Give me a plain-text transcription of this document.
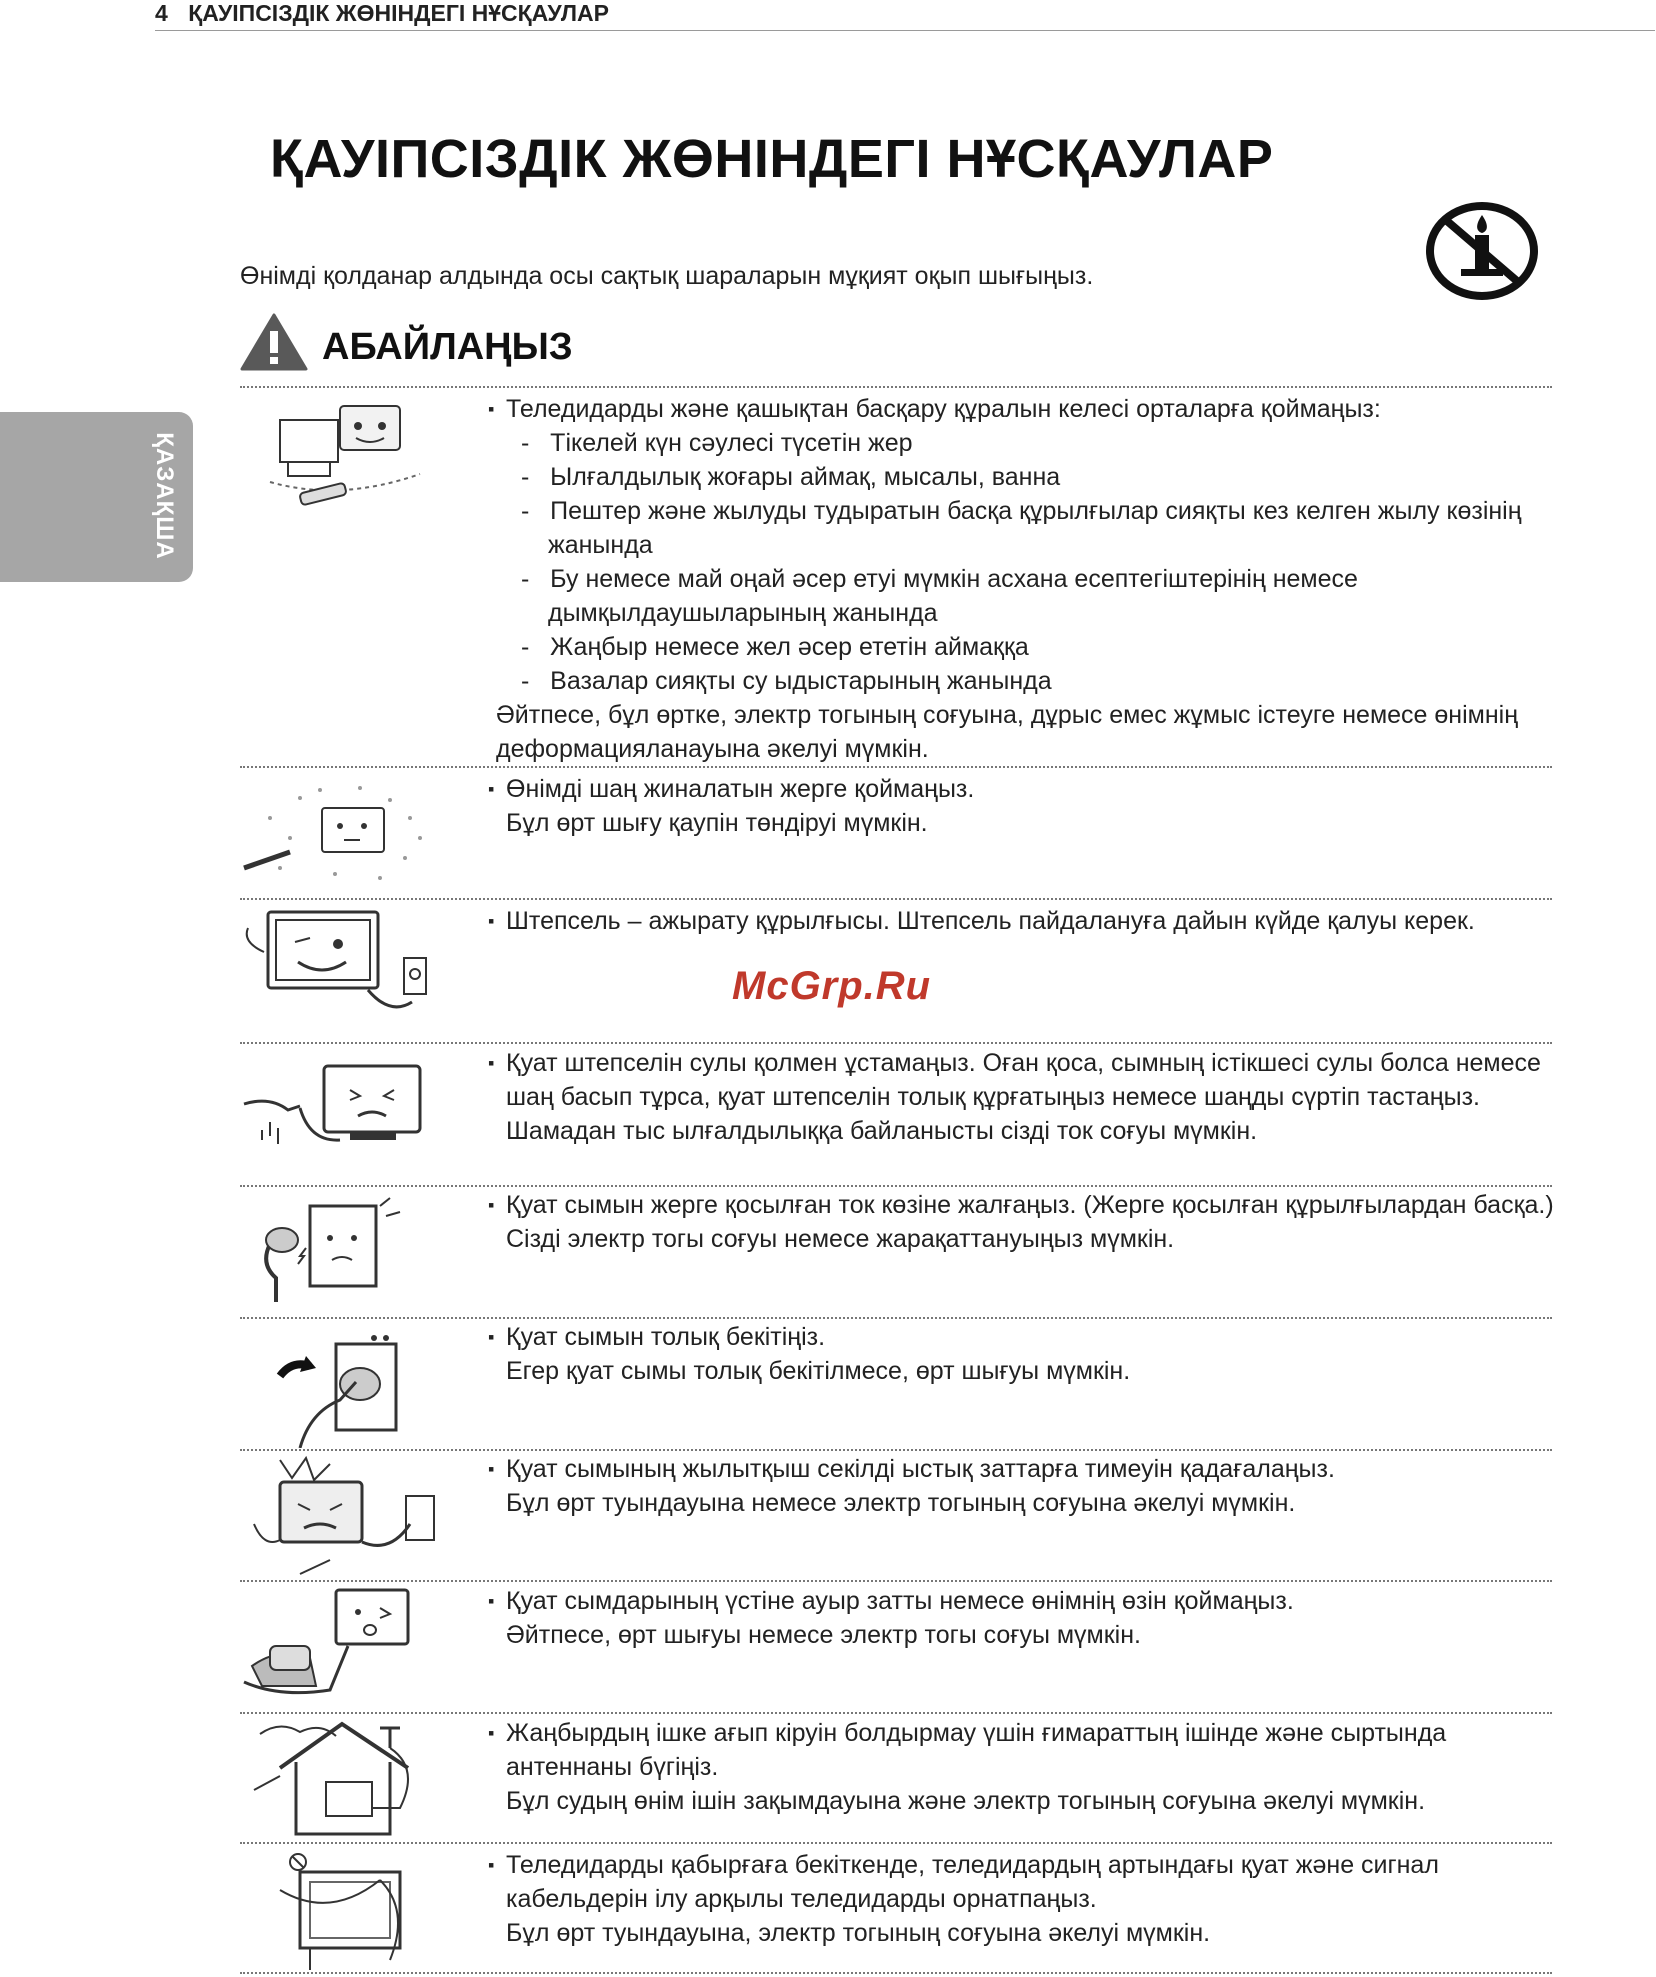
4 ҚАУІПСІЗДІК ЖӨНІНДЕГІ НҰСҚАУЛАР
ҚАЗАҚША
ҚАУІПСІЗДІК ЖӨНІНДЕГІ НҰСҚАУЛАР

Өнімді қолданар алдында осы сақтық шараларын мұқият оқып шығыңыз.

АБАЙЛАҢЫЗ

▪ Теледидарды және қашықтан басқару құралын келесі орталарға қоймаңыз:

-   Тікелей күн сәулесі түсетін жер

-   Ылғалдылық жоғары аймақ, мысалы, ванна

-   Пештер және жылуды тудыратын басқа құрылғылар сияқты кез келген жылу көзінің жанында

-   Бу немесе май оңай әсер етуі мүмкін асхана есептегіштерінің немесе дымқылдаушыларының жанында

-   Жаңбыр немесе жел әсер ететін аймаққа

-   Вазалар сияқты су ыдыстарының жанында

Әйтпесе, бұл өртке, электр тогының соғуына, дұрыс емес жұмыс істеуге немесе өнімнің деформацияланауына әкелуі мүмкін.

▪ Өнімді шаң жиналатын жерге қоймаңыз.

Бұл өрт шығу қаупін төндіруі мүмкін.

▪ Штепсель – ажырату құрылғысы. Штепсель пайдалануға дайын күйде қалуы керек.

McGrp.Ru

▪ Қуат штепселін сулы қолмен ұстамаңыз. Оған қоса, сымның істікшесі сулы болса немесе шаң басып тұрса, қуат штепселін толық құрғатыңыз немесе шаңды сүртіп тастаңыз.

Шамадан тыс ылғалдылыққа байланысты сізді ток соғуы мүмкін.

▪ Қуат сымын жерге қосылған ток көзіне жалғаңыз. (Жерге қосылған құрылғылардан басқа.)

Сізді электр тогы соғуы немесе жарақаттануыңыз мүмкін.

▪ Қуат сымын толық бекітіңіз.

Егер қуат сымы толық бекітілмесе, өрт шығуы мүмкін.

▪ Қуат сымының жылытқыш секілді ыстық заттарға тимеуін қадағалаңыз.

Бұл өрт туындауына немесе электр тогының соғуына әкелуі мүмкін.

▪ Қуат сымдарының үстіне ауыр затты немесе өнімнің өзін қоймаңыз.

Әйтпесе, өрт шығуы немесе электр тогы соғуы мүмкін.

▪ Жаңбырдың ішке ағып кіруін болдырмау үшін ғимараттың ішінде және сыртында антеннаны бүгіңіз.

Бұл судың өнім ішін зақымдауына және электр тогының соғуына әкелуі мүмкін.

▪ Теледидарды қабырғаға бекіткенде, теледидардың артындағы қуат және сигнал кабельдерін ілу арқылы теледидарды орнатпаңыз.

Бұл өрт туындауына, электр тогының соғуына әкелуі мүмкін.
